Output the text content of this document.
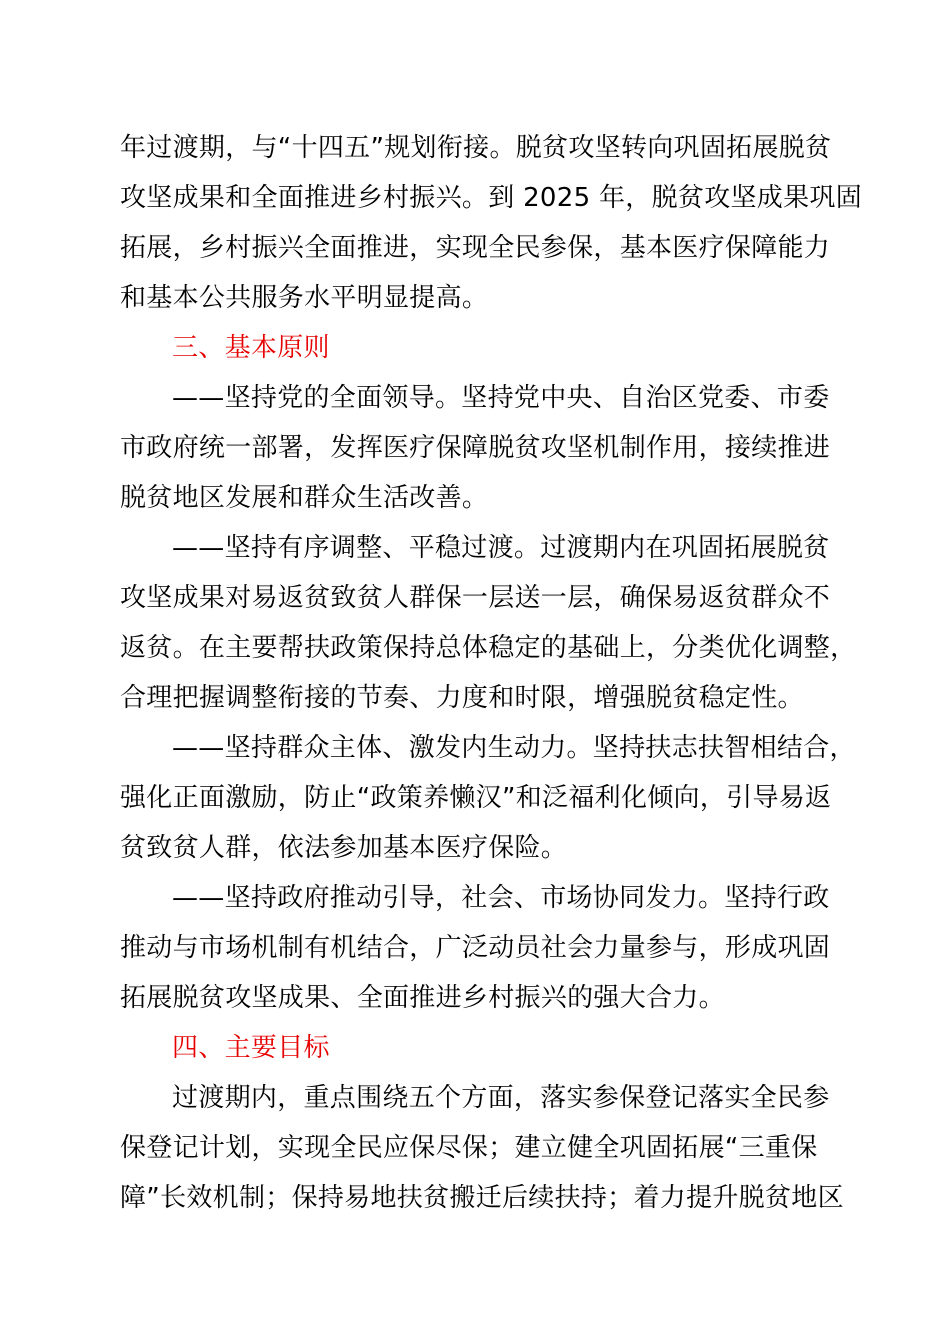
年过渡期，与“十四五”规划衔接。脱贫攻坚转向巩固拓展脱贫
攻坚成果和全面推进乡村振兴。到 2025 年，脱贫攻坚成果巩固
拓展，乡村振兴全面推进，实现全民参保，基本医疗保障能力
和基本公共服务水平明显提高。
三、基本原则
——坚持党的全面领导。坚持党中央、自治区党委、市委
市政府统一部署，发挥医疗保障脱贫攻坚机制作用，接续推进
脱贫地区发展和群众生活改善。
——坚持有序调整、平稳过渡。过渡期内在巩固拓展脱贫
攻坚成果对易返贫致贫人群保一层送一层，确保易返贫群众不
返贫。在主要帮扶政策保持总体稳定的基础上，分类优化调整，
合理把握调整衔接的节奏、力度和时限，增强脱贫稳定性。
——坚持群众主体、激发内生动力。坚持扶志扶智相结合，
强化正面激励，防止“政策养懒汉”和泛福利化倾向，引导易返
贫致贫人群，依法参加基本医疗保险。
——坚持政府推动引导，社会、市场协同发力。坚持行政
推动与市场机制有机结合，广泛动员社会力量参与，形成巩固
拓展脱贫攻坚成果、全面推进乡村振兴的强大合力。
四、主要目标
过渡期内，重点围绕五个方面，落实参保登记落实全民参
保登记计划，实现全民应保尽保；建立健全巩固拓展“三重保
障”长效机制；保持易地扶贫搬迁后续扶持；着力提升脱贫地区
